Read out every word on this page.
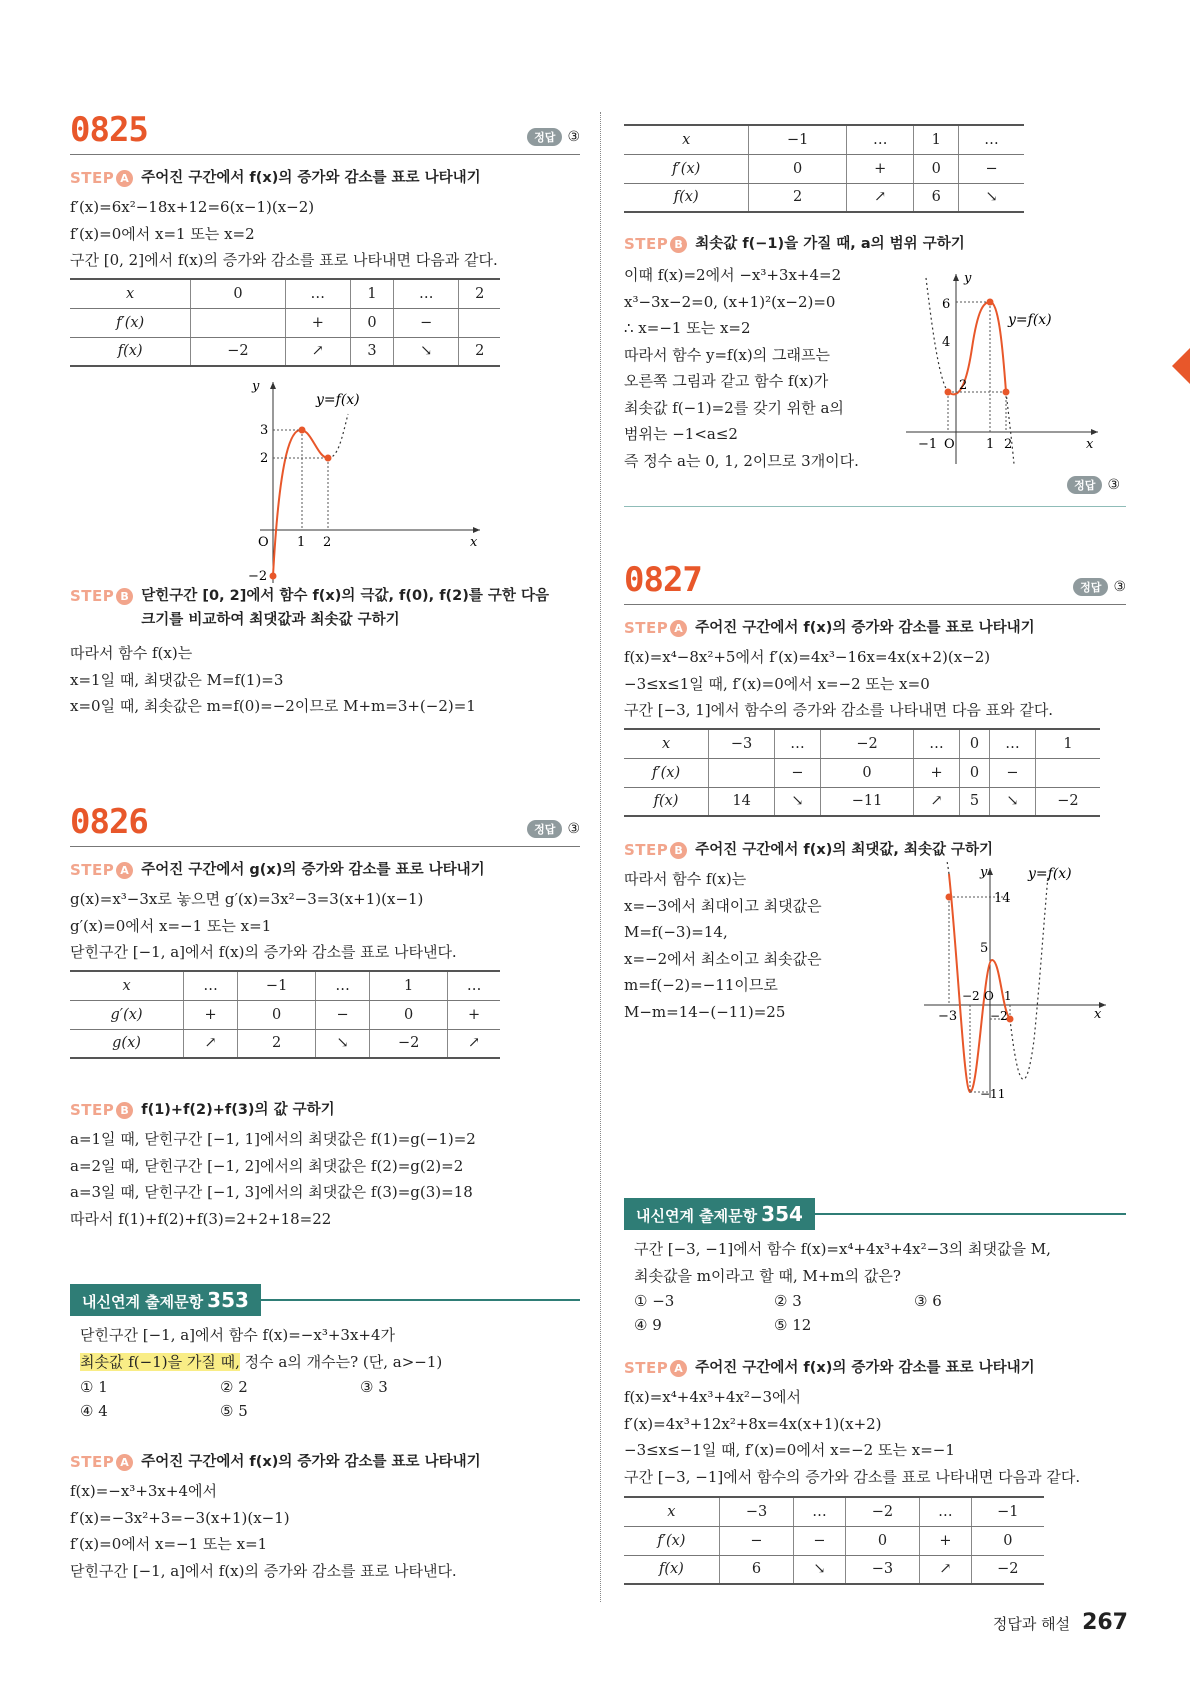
0825	정답 ③
STEP A 주어진 구간에서 f(x)의 증가와 감소를 표로 나타내기
f′(x)=6x²−18x+12=6(x−1)(x−2)
f′(x)=0에서 x=1 또는 x=2
구간 [0, 2]에서 f(x)의 증가와 감소를 표로 나타내면 다음과 같다.
x	0	…	1	…	2
f′(x)		+	0	−	
f(x)	−2	↗	3	↘	2
y
y=f(x)
3
2
−2
O 1 2	x
STEP B 닫힌구간 [0, 2]에서 함수 f(x)의 극값, f(0), f(2)를 구한 다음 크기를 비교하여 최댓값과 최솟값 구하기
따라서 함수 f(x)는
x=1일 때, 최댓값은 M=f(1)=3
x=0일 때, 최솟값은 m=f(0)=−2이므로 M+m=3+(−2)=1
0826	정답 ③
STEP A 주어진 구간에서 g(x)의 증가와 감소를 표로 나타내기
g(x)=x³−3x로 놓으면 g′(x)=3x²−3=3(x+1)(x−1)
g′(x)=0에서 x=−1 또는 x=1
닫힌구간 [−1, a]에서 f(x)의 증가와 감소를 표로 나타낸다.
x	…	−1	…	1	…
g′(x)	+	0	−	0	+
g(x)	↗	2	↘	−2	↗
STEP B f(1)+f(2)+f(3)의 값 구하기
a=1일 때, 닫힌구간 [−1, 1]에서의 최댓값은 f(1)=g(−1)=2
a=2일 때, 닫힌구간 [−1, 2]에서의 최댓값은 f(2)=g(2)=2
a=3일 때, 닫힌구간 [−1, 3]에서의 최댓값은 f(3)=g(3)=18
따라서 f(1)+f(2)+f(3)=2+2+18=22
내신연계 출제문항 353
닫힌구간 [−1, a]에서 함수 f(x)=−x³+3x+4가
최솟값 f(−1)을 가질 때, 정수 a의 개수는? (단, a>−1)
① 1	② 2	③ 3
④ 4	⑤ 5
STEP A 주어진 구간에서 f(x)의 증가와 감소를 표로 나타내기
f(x)=−x³+3x+4에서
f′(x)=−3x²+3=−3(x+1)(x−1)
f′(x)=0에서 x=−1 또는 x=1
닫힌구간 [−1, a]에서 f(x)의 증가와 감소를 표로 나타낸다.
x	−1	…	1	…
f′(x)	0	+	0	−
f(x)	2	↗	6	↘
STEP B 최솟값 f(−1)을 가질 때, a의 범위 구하기
이때 f(x)=2에서 −x³+3x+4=2
x³−3x−2=0, (x+1)²(x−2)=0
∴ x=−1 또는 x=2
따라서 함수 y=f(x)의 그래프는
오른쪽 그림과 같고 함수 f(x)가
최솟값 f(−1)=2를 갖기 위한 a의
범위는 −1<a≤2
즉 정수 a는 0, 1, 2이므로 3개이다.
y
y=f(x)
6
4
2
−1 O 1 2	x
정답 ③
0827	정답 ③
STEP A 주어진 구간에서 f(x)의 증가와 감소를 표로 나타내기
f(x)=x⁴−8x²+5에서 f′(x)=4x³−16x=4x(x+2)(x−2)
−3≤x≤1일 때, f′(x)=0에서 x=−2 또는 x=0
구간 [−3, 1]에서 함수의 증가와 감소를 나타내면 다음 표와 같다.
x	−3	…	−2	…	0	…	1
f′(x)		−	0	+	0	−	
f(x)	14	↘	−11	↗	5	↘	−2
STEP B 주어진 구간에서 f(x)의 최댓값, 최솟값 구하기
따라서 함수 f(x)는
x=−3에서 최대이고 최댓값은
M=f(−3)=14,
x=−2에서 최소이고 최솟값은
m=f(−2)=−11이므로
M−m=14−(−11)=25
y	y=f(x)
14
5
−2
−11
−3
−2 O 1
x
내신연계 출제문항 354
구간 [−3, −1]에서 함수 f(x)=x⁴+4x³+4x²−3의 최댓값을 M,
최솟값을 m이라고 할 때, M+m의 값은?
① −3	② 3	③ 6
④ 9	⑤ 12
STEP A 주어진 구간에서 f(x)의 증가와 감소를 표로 나타내기
f(x)=x⁴+4x³+4x²−3에서
f′(x)=4x³+12x²+8x=4x(x+1)(x+2)
−3≤x≤−1일 때, f′(x)=0에서 x=−2 또는 x=−1
구간 [−3, −1]에서 함수의 증가와 감소를 표로 나타내면 다음과 같다.
x	−3	…	−2	…	−1
f′(x)	−	−	0	+	0
f(x)	6	↘	−3	↗	−2
정답과 해설 267
